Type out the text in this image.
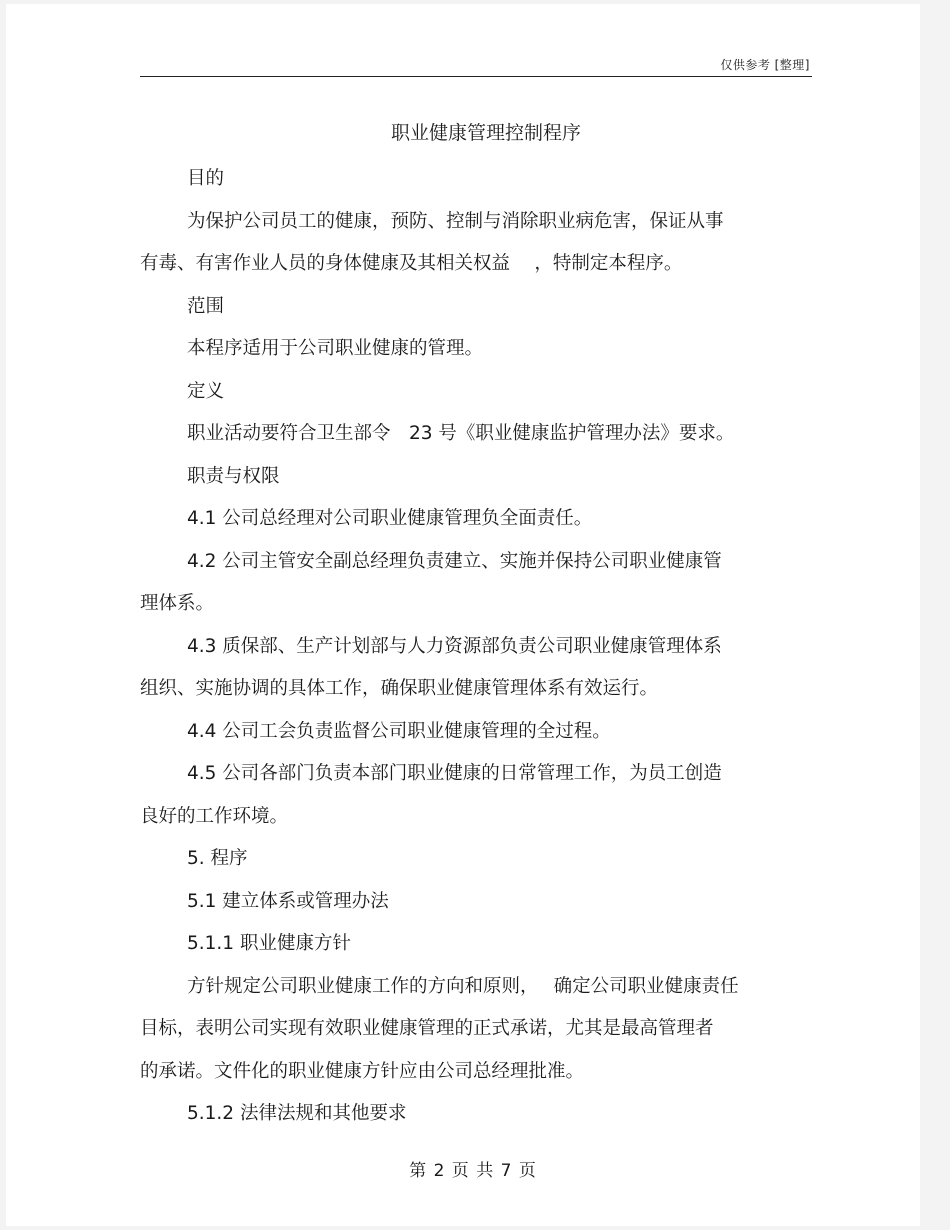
仅供参考 [整理]
职业健康管理控制程序
目的
为保护公司员工的健康，预防、控制与消除职业病危害，保证从事
有毒、有害作业人员的身体健康及其相关权益　 ，特制定本程序。
范围
本程序适用于公司职业健康的管理。
定义
职业活动要符合卫生部令　23 号《职业健康监护管理办法》要求。
职责与权限
4.1 公司总经理对公司职业健康管理负全面责任。
4.2 公司主管安全副总经理负责建立、实施并保持公司职业健康管
理体系。
4.3 质保部、生产计划部与人力资源部负责公司职业健康管理体系
组织、实施协调的具体工作，确保职业健康管理体系有效运行。
4.4 公司工会负责监督公司职业健康管理的全过程。
4.5 公司各部门负责本部门职业健康的日常管理工作，为员工创造
良好的工作环境。
5. 程序
5.1 建立体系或管理办法
5.1.1 职业健康方针
方针规定公司职业健康工作的方向和原则，　 确定公司职业健康责任
目标，表明公司实现有效职业健康管理的正式承诺，尤其是最高管理者
的承诺。文件化的职业健康方针应由公司总经理批准。
5.1.2 法律法规和其他要求
第 2 页 共 7 页
